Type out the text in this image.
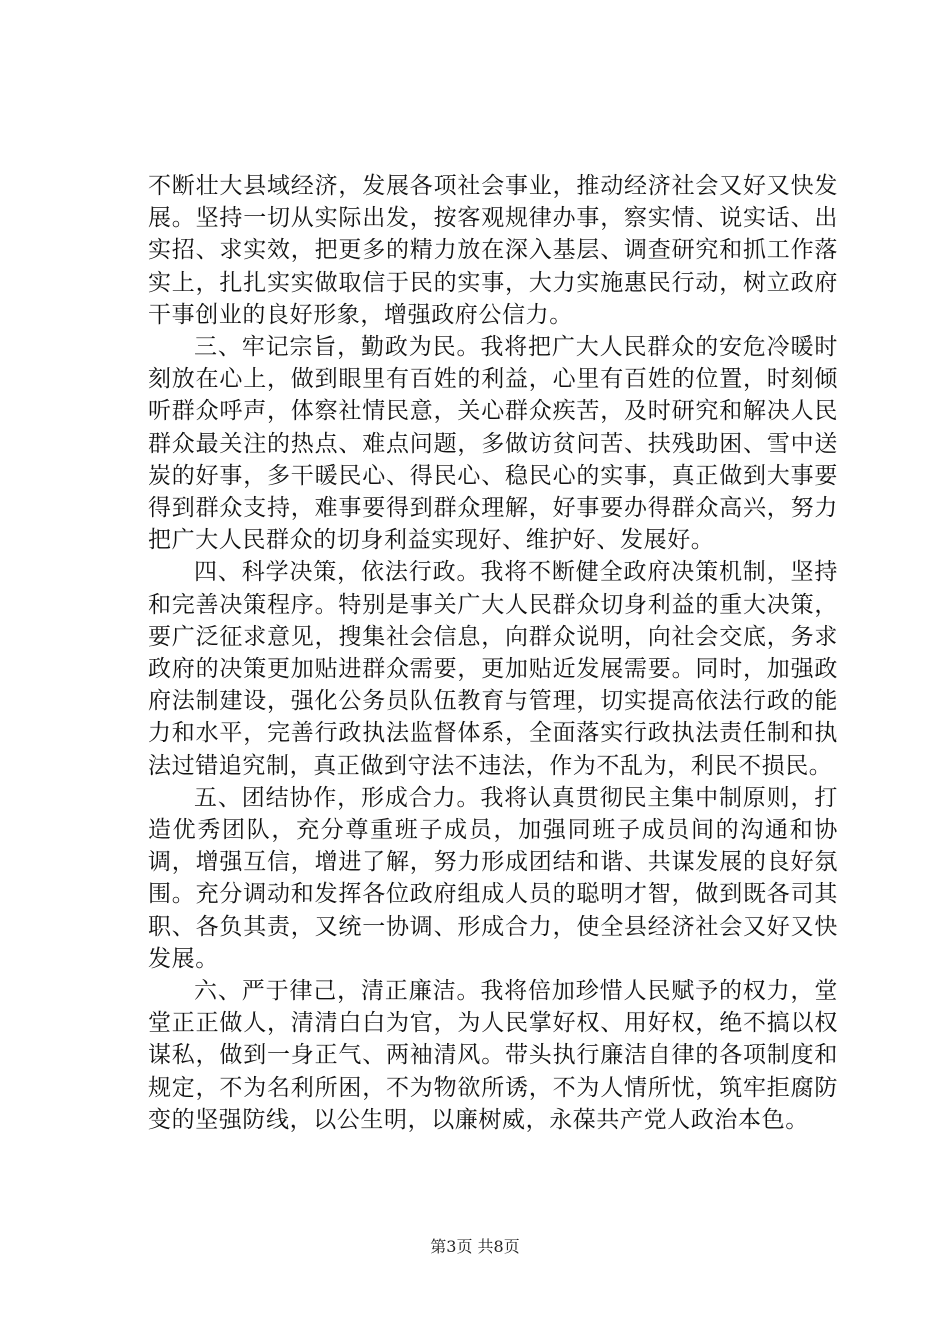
不断壮大县域经济，发展各项社会事业，推动经济社会又好又快发展。坚持一切从实际出发，按客观规律办事，察实情、说实话、出实招、求实效，把更多的精力放在深入基层、调查研究和抓工作落实上，扎扎实实做取信于民的实事，大力实施惠民行动，树立政府干事创业的良好形象，增强政府公信力。

三、牢记宗旨，勤政为民。我将把广大人民群众的安危冷暖时刻放在心上，做到眼里有百姓的利益，心里有百姓的位置，时刻倾听群众呼声，体察社情民意，关心群众疾苦，及时研究和解决人民群众最关注的热点、难点问题，多做访贫问苦、扶残助困、雪中送炭的好事，多干暖民心、得民心、稳民心的实事，真正做到大事要得到群众支持，难事要得到群众理解，好事要办得群众高兴，努力把广大人民群众的切身利益实现好、维护好、发展好。

四、科学决策，依法行政。我将不断健全政府决策机制，坚持和完善决策程序。特别是事关广大人民群众切身利益的重大决策，要广泛征求意见，搜集社会信息，向群众说明，向社会交底，务求政府的决策更加贴进群众需要，更加贴近发展需要。同时，加强政府法制建设，强化公务员队伍教育与管理，切实提高依法行政的能力和水平，完善行政执法监督体系，全面落实行政执法责任制和执法过错追究制，真正做到守法不违法，作为不乱为，利民不损民。

五、团结协作，形成合力。我将认真贯彻民主集中制原则，打造优秀团队，充分尊重班子成员，加强同班子成员间的沟通和协调，增强互信，增进了解，努力形成团结和谐、共谋发展的良好氛围。充分调动和发挥各位政府组成人员的聪明才智，做到既各司其职、各负其责，又统一协调、形成合力，使全县经济社会又好又快发展。

六、严于律己，清正廉洁。我将倍加珍惜人民赋予的权力，堂堂正正做人，清清白白为官，为人民掌好权、用好权，绝不搞以权谋私，做到一身正气、两袖清风。带头执行廉洁自律的各项制度和规定，不为名利所困，不为物欲所诱，不为人情所忧，筑牢拒腐防变的坚强防线，以公生明，以廉树威，永葆共产党人政治本色。

第3页 共8页
